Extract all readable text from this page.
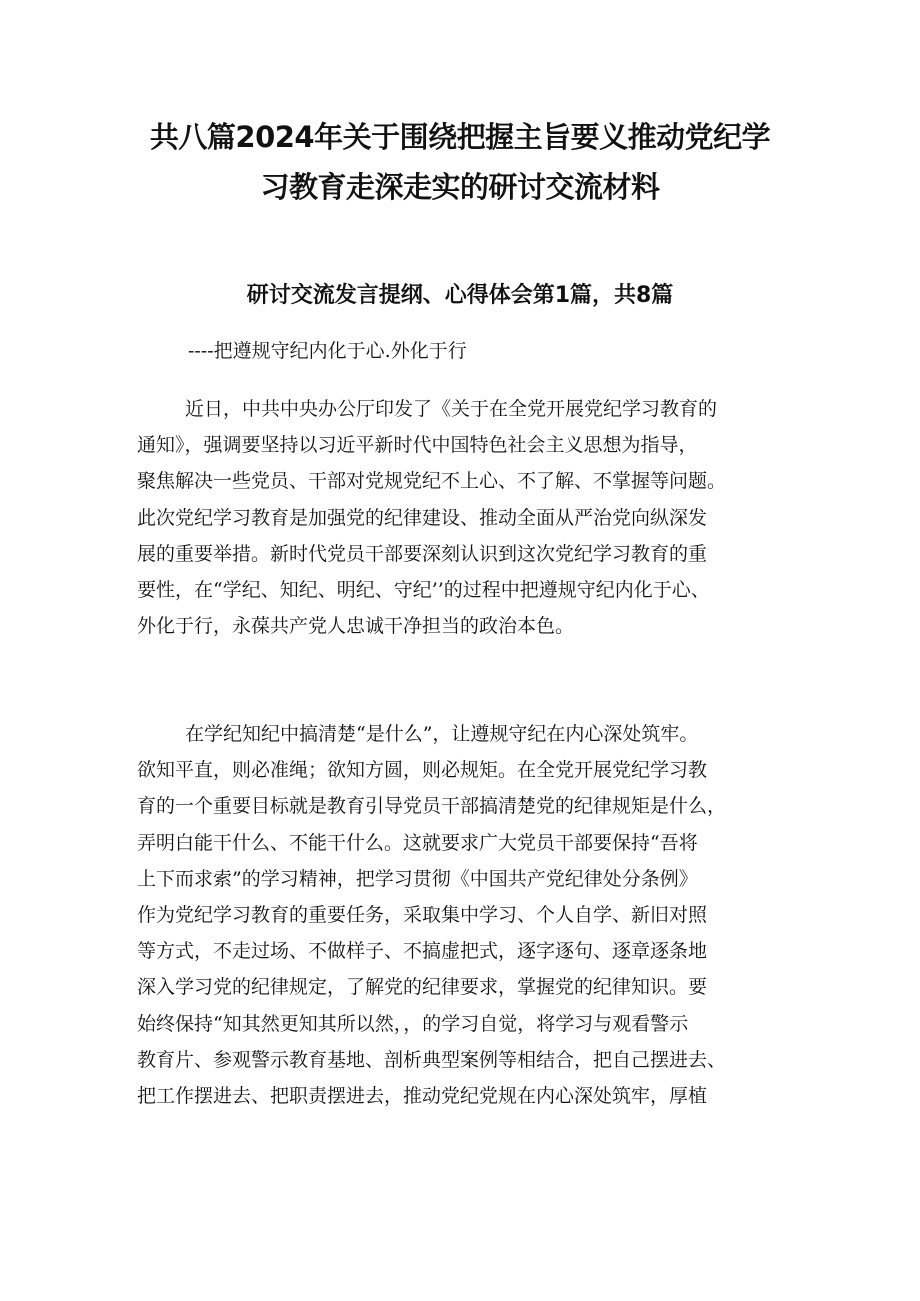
共八篇2024年关于围绕把握主旨要义推动党纪学
习教育走深走实的研讨交流材料
研讨交流发言提纲、心得体会第1篇，共8篇

----把遵规守纪内化于心.外化于行

近日，中共中央办公厅印发了《关于在全党开展党纪学习教育的
通知》，强调要坚持以习近平新时代中国特色社会主义思想为指导，
聚焦解决一些党员、干部对党规党纪不上心、不了解、不掌握等问题。
此次党纪学习教育是加强党的纪律建设、推动全面从严治党向纵深发
展的重要举措。新时代党员干部要深刻认识到这次党纪学习教育的重
要性，在“学纪、知纪、明纪、守纪’’的过程中把遵规守纪内化于心、
外化于行，永葆共产党人忠诚干净担当的政治本色。
在学纪知纪中搞清楚“是什么”，让遵规守纪在内心深处筑牢。
欲知平直，则必准绳；欲知方圆，则必规矩。在全党开展党纪学习教
育的一个重要目标就是教育引导党员干部搞清楚党的纪律规矩是什么，
弄明白能干什么、不能干什么。这就要求广大党员干部要保持“吾将
上下而求索”的学习精神，把学习贯彻《中国共产党纪律处分条例》
作为党纪学习教育的重要任务，采取集中学习、个人自学、新旧对照
等方式，不走过场、不做样子、不搞虚把式，逐字逐句、逐章逐条地
深入学习党的纪律规定，了解党的纪律要求，掌握党的纪律知识。要
始终保持“知其然更知其所以然，，的学习自觉，将学习与观看警示
教育片、参观警示教育基地、剖析典型案例等相结合，把自己摆进去、
把工作摆进去、把职责摆进去，推动党纪党规在内心深处筑牢，厚植
